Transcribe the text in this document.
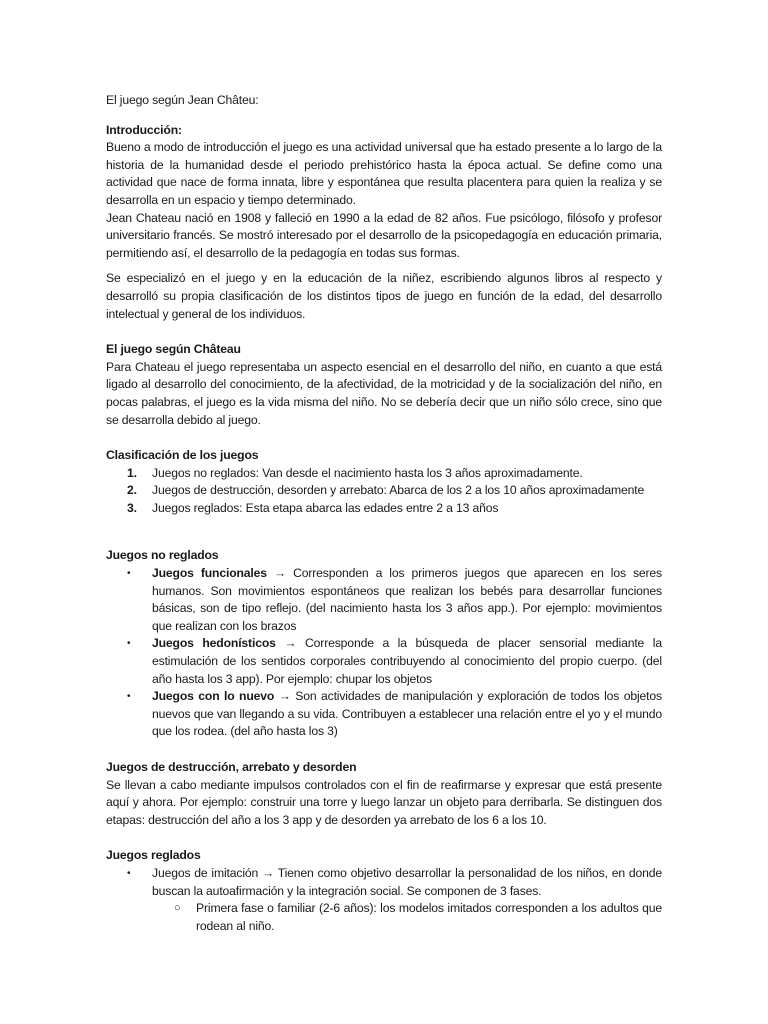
El juego según Jean Châteu:

Introducción:

Bueno a modo de introducción el juego es una actividad universal que ha estado presente a lo largo de la historia de la humanidad desde el periodo prehistórico hasta la época actual. Se define como una actividad que nace de forma innata, libre y espontánea que resulta placentera para quien la realiza y se desarrolla en un espacio y tiempo determinado.

Jean Chateau nació en 1908 y falleció en 1990 a la edad de 82 años. Fue psicólogo, filósofo y profesor universitario francés. Se mostró interesado por el desarrollo de la psicopedagogía en educación primaria, permitiendo así, el desarrollo de la pedagogía en todas sus formas.

Se especializó en el juego y en la educación de la niñez, escribiendo algunos libros al respecto y desarrolló su propia clasificación de los distintos tipos de juego en función de la edad, del desarrollo intelectual y general de los individuos.

El juego según Château

Para Chateau el juego representaba un aspecto esencial en el desarrollo del niño, en cuanto a que está ligado al desarrollo del conocimiento, de la afectividad, de la motricidad y de la socialización del niño, en pocas palabras, el juego es la vida misma del niño. No se debería decir que un niño sólo crece, sino que se desarrolla debido al juego.

Clasificación de los juegos

1.	Juegos no reglados: Van desde el nacimiento hasta los 3 años aproximadamente.
2.	Juegos de destrucción, desorden y arrebato: Abarca de los 2 a los 10 años aproximadamente
3.	Juegos reglados: Esta etapa abarca las edades entre 2 a 13 años

Juegos no reglados

•	Juegos funcionales → Corresponden a los primeros juegos que aparecen en los seres humanos. Son movimientos espontáneos que realizan los bebés para desarrollar funciones básicas, son de tipo reflejo. (del nacimiento hasta los 3 años app.). Por ejemplo: movimientos que realizan con los brazos
•	Juegos hedonísticos → Corresponde a la búsqueda de placer sensorial mediante la estimulación de los sentidos corporales contribuyendo al conocimiento del propio cuerpo. (del año hasta los 3 app). Por ejemplo: chupar los objetos
•	Juegos con lo nuevo → Son actividades de manipulación y exploración de todos los objetos nuevos que van llegando a su vida. Contribuyen a establecer una relación entre el yo y el mundo que los rodea. (del año hasta los 3)

Juegos de destrucción, arrebato y desorden

Se llevan a cabo mediante impulsos controlados con el fin de reafirmarse y expresar que está presente aquí y ahora. Por ejemplo: construir una torre y luego lanzar un objeto para derribarla. Se distinguen dos etapas: destrucción del año a los 3 app y de desorden ya arrebato de los 6 a los 10.

Juegos reglados

•	Juegos de imitación → Tienen como objetivo desarrollar la personalidad de los niños, en donde buscan la autoafirmación y la integración social. Se componen de 3 fases.
○	Primera fase o familiar (2-6 años): los modelos imitados corresponden a los adultos que rodean al niño.
